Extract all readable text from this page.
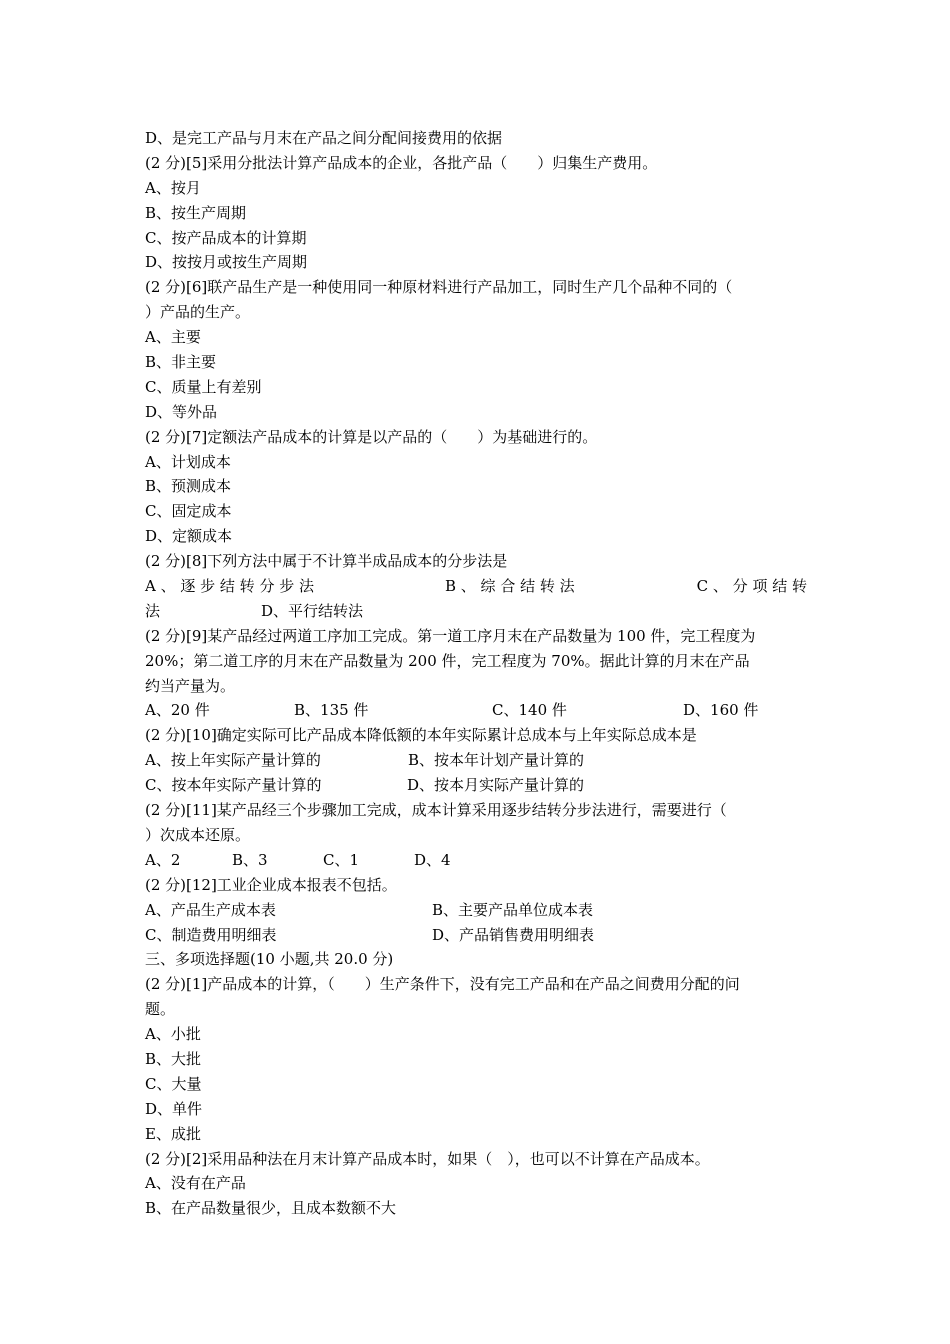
D、是完工产品与月末在产品之间分配间接费用的依据
(2 分)[5]采用分批法计算产品成本的企业，各批产品（　　）归集生产费用。
A、按月
B、按生产周期
C、按产品成本的计算期
D、按按月或按生产周期
(2 分)[6]联产品生产是一种使用同一种原材料进行产品加工，同时生产几个品种不同的（
）产品的生产。
A、主要
B、非主要
C、质量上有差别
D、等外品
(2 分)[7]定额法产品成本的计算是以产品的（　　）为基础进行的。
A、计划成本
B、预测成本
C、固定成本
D、定额成本
(2 分)[8]下列方法中属于不计算半成品成本的分步法是
A 、 逐 步 结 转 分 步 法	B 、 综 合 结 转 法	C 、 分 项 结 转
法	D、平行结转法
(2 分)[9]某产品经过两道工序加工完成。第一道工序月末在产品数量为 100 件，完工程度为
20%；第二道工序的月末在产品数量为 200 件，完工程度为 70%。据此计算的月末在产品
约当产量为。
A、20 件	B、135 件	C、140 件	D、160 件
(2 分)[10]确定实际可比产品成本降低额的本年实际累计总成本与上年实际总成本是
A、按上年实际产量计算的	B、按本年计划产量计算的
C、按本年实际产量计算的	D、按本月实际产量计算的
(2 分)[11]某产品经三个步骤加工完成，成本计算采用逐步结转分步法进行，需要进行（
）次成本还原。
A、2	B、3	C、1	D、4
(2 分)[12]工业企业成本报表不包括。
A、产品生产成本表	B、主要产品单位成本表
C、制造费用明细表	D、产品销售费用明细表
三、多项选择题(10 小题,共 20.0 分)
(2 分)[1]产品成本的计算，（　　）生产条件下，没有完工产品和在产品之间费用分配的问
题。
A、小批
B、大批
C、大量
D、单件
E、成批
(2 分)[2]采用品种法在月末计算产品成本时，如果（　），也可以不计算在产品成本。
A、没有在产品
B、在产品数量很少，且成本数额不大
